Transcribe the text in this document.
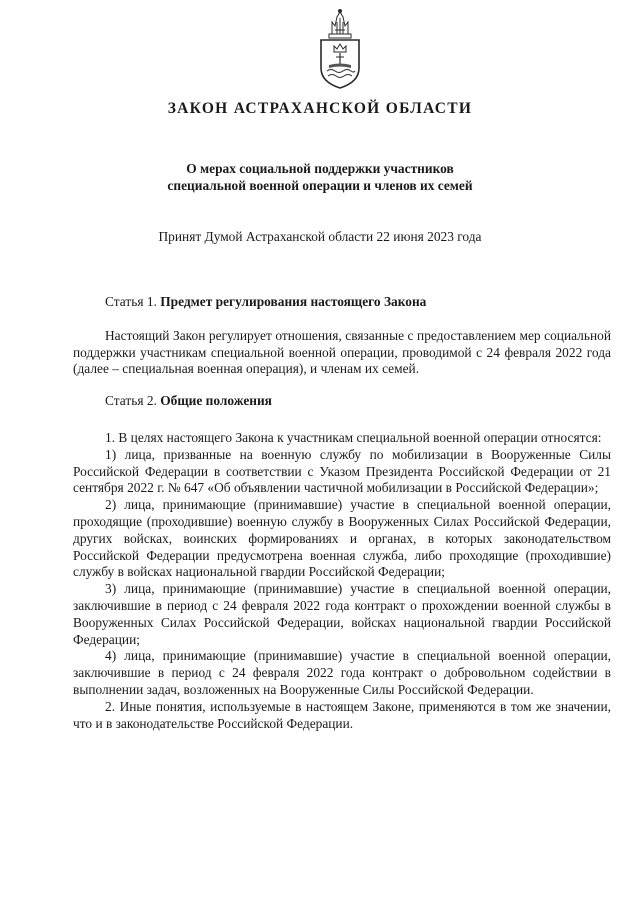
ЗАКОН АСТРАХАНСКОЙ ОБЛАСТИ
О мерах социальной поддержки участников
специальной военной операции и членов их семей
Принят Думой Астраханской области 22 июня 2023 года
Статья 1. Предмет регулирования настоящего Закона

Настоящий Закон регулирует отношения, связанные с предоставлением мер социальной поддержки участникам специальной военной операции, проводимой с 24 февраля 2022 года (далее – специальная военная операция), и членам их семей.

Статья 2. Общие положения

1. В целях настоящего Закона к участникам специальной военной операции относятся:

1) лица, призванные на военную службу по мобилизации в Вооруженные Силы Российской Федерации в соответствии с Указом Президента Российской Федерации от 21 сентября 2022 г. № 647 «Об объявлении частичной мобилизации в Российской Федерации»;

2) лица, принимающие (принимавшие) участие в специальной военной операции, проходящие (проходившие) военную службу в Вооруженных Силах Российской Федерации, других войсках, воинских формированиях и органах, в которых законодательством Российской Федерации предусмотрена военная служба, либо проходящие (проходившие) службу в войсках национальной гвардии Российской Федерации;

3) лица, принимающие (принимавшие) участие в специальной военной операции, заключившие в период с 24 февраля 2022 года контракт о прохождении военной службы в Вооруженных Силах Российской Федерации, войсках национальной гвардии Российской Федерации;

4) лица, принимающие (принимавшие) участие в специальной военной операции, заключившие в период с 24 февраля 2022 года контракт о добровольном содействии в выполнении задач, возложенных на Вооруженные Силы Российской Федерации.

2. Иные понятия, используемые в настоящем Законе, применяются в том же значении, что и в законодательстве Российской Федерации.
